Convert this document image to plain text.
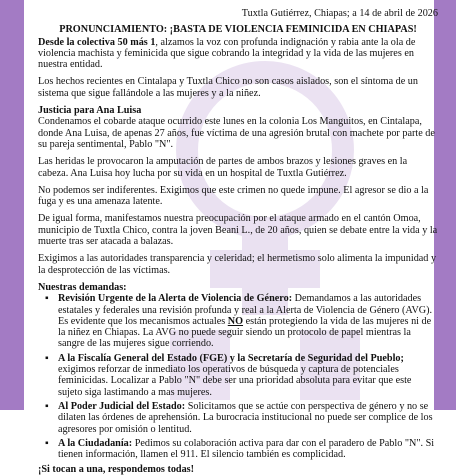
Tuxtla Gutiérrez, Chiapas; a 14 de abril de 2026
PRONUNCIAMIENTO: ¡BASTA DE VIOLENCIA FEMINICIDA EN CHIAPAS!

Desde la colectiva 50 más 1, alzamos la voz con profunda indignación y rabia ante la ola de violencia machista y feminicida que sigue cobrando la integridad y la vida de las mujeres en nuestra entidad.

Los hechos recientes en Cintalapa y Tuxtla Chico no son casos aislados, son el síntoma de un sistema que sigue fallándole a las mujeres y a la niñez.

Justicia para Ana Luisa

Condenamos el cobarde ataque ocurrido este lunes en la colonia Los Manguitos, en Cintalapa, donde Ana Luisa, de apenas 27 años, fue víctima de una agresión brutal con machete por parte de su pareja sentimental, Pablo "N".

Las heridas le provocaron la amputación de partes de ambos brazos y lesiones graves en la cabeza. Ana Luisa hoy lucha por su vida en un hospital de Tuxtla Gutiérrez.

No podemos ser indiferentes. Exigimos que este crimen no quede impune. El agresor se dio a la fuga y es una amenaza latente.

De igual forma, manifestamos nuestra preocupación por el ataque armado en el cantón Omoa, municipio de Tuxtla Chico, contra la joven Beani L., de 20 años, quien se debate entre la vida y la muerte tras ser atacada a balazas.

Exigimos a las autoridades transparencia y celeridad; el hermetismo solo alimenta la impunidad y la desprotección de las víctimas.

Nuestras demandas:
▪ Revisión Urgente de la Alerta de Violencia de Género: Demandamos a las autoridades estatales y federales una revisión profunda y real a la Alerta de Violencia de Género (AVG). Es evidente que los mecanismos actuales NO están protegiendo la vida de las mujeres ni de la niñez en Chiapas. La AVG no puede seguir siendo un protocolo de papel mientras la sangre de las mujeres sigue corriendo.
▪ A la Fiscalía General del Estado (FGE) y la Secretaría de Seguridad del Pueblo; exigimos reforzar de inmediato los operativos de búsqueda y captura de potenciales feminicidas. Localizar a Pablo "N" debe ser una prioridad absoluta para evitar que este sujeto siga lastimando a mas mujeres.
▪ Al Poder Judicial del Estado: Solicitamos que se actúe con perspectiva de género y no se dilaten las órdenes de aprehensión. La burocracia institucional no puede ser complice de los agresores por omisión o lentitud.
▪ A la Ciudadanía: Pedimos su colaboración activa para dar con el paradero de Pablo "N". Si tienen información, llamen el 911. El silencio también es complicidad.
¡Si tocan a una, respondemos todas!
